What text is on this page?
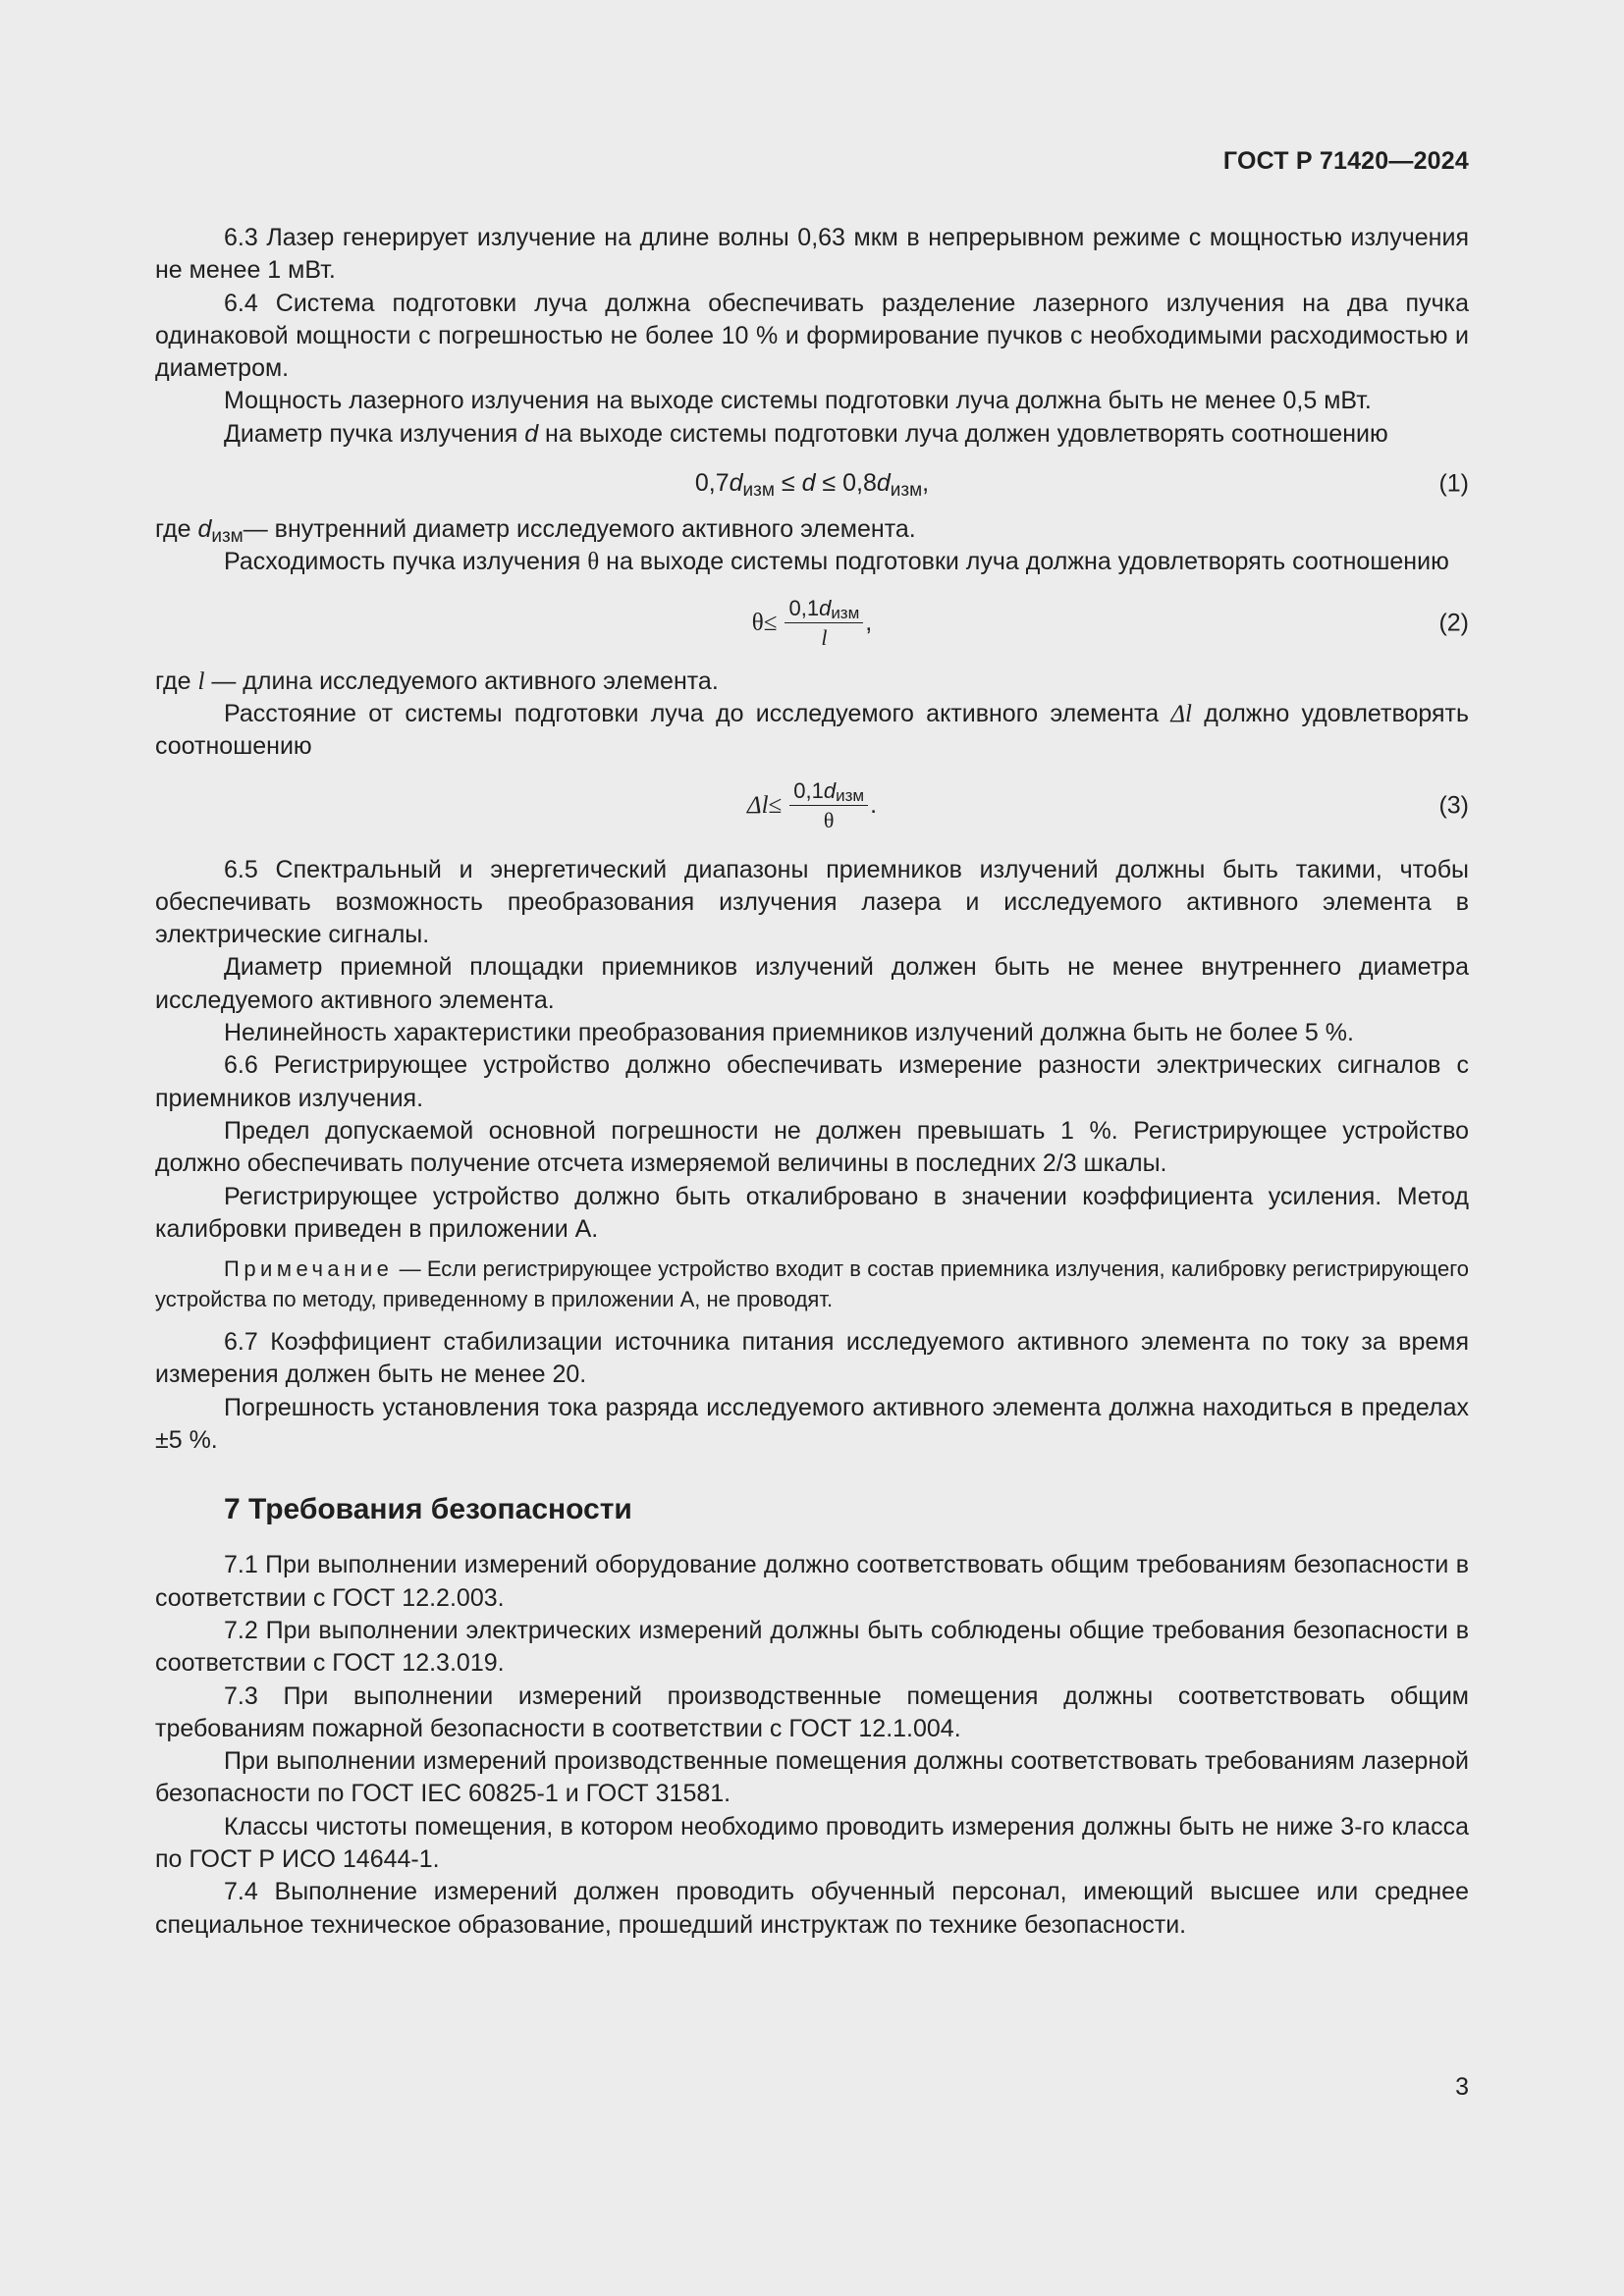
ГОСТ Р 71420—2024

6.3 Лазер генерирует излучение на длине волны 0,63 мкм в непрерывном режиме с мощностью излучения не менее 1 мВт.

6.4 Система подготовки луча должна обеспечивать разделение лазерного излучения на два пучка одинаковой мощности с погрешностью не более 10 % и формирование пучков с необходимыми расходимостью и диаметром.

Мощность лазерного излучения на выходе системы подготовки луча должна быть не менее 0,5 мВт.

Диаметр пучка излучения d на выходе системы подготовки луча должен удовлетворять соотношению

$0,7d_{изм} \le d \le 0,8d_{изм}$,	(1)

где $d_{изм}—$ внутренний диаметр исследуемого активного элемента.

Расходимость пучка излучения θ на выходе системы подготовки луча должна удовлетворять соотношению

$\theta \le \frac{0,1d_{изм}}{l}$ ,	(2)

где l — длина исследуемого активного элемента.

Расстояние от системы подготовки луча до исследуемого активного элемента Δl должно удовлетворять соотношению

$\Delta l \le \frac{0,1d_{изм}}{\theta}$ .	(3)

6.5 Спектральный и энергетический диапазоны приемников излучений должны быть такими, чтобы обеспечивать возможность преобразования излучения лазера и исследуемого активного элемента в электрические сигналы.

Диаметр приемной площадки приемников излучений должен быть не менее внутреннего диаметра исследуемого активного элемента.

Нелинейность характеристики преобразования приемников излучений должна быть не более 5 %.

6.6 Регистрирующее устройство должно обеспечивать измерение разности электрических сигналов с приемников излучения.

Предел допускаемой основной погрешности не должен превышать 1 %. Регистрирующее устройство должно обеспечивать получение отсчета измеряемой величины в последних 2/3 шкалы.

Регистрирующее устройство должно быть откалибровано в значении коэффициента усиления. Метод калибровки приведен в приложении А.

Примечание — Если регистрирующее устройство входит в состав приемника излучения, калибровку регистрирующего устройства по методу, приведенному в приложении А, не проводят.

6.7 Коэффициент стабилизации источника питания исследуемого активного элемента по току за время измерения должен быть не менее 20.

Погрешность установления тока разряда исследуемого активного элемента должна находиться в пределах ±5 %.

7 Требования безопасности

7.1 При выполнении измерений оборудование должно соответствовать общим требованиям безопасности в соответствии с ГОСТ 12.2.003.

7.2 При выполнении электрических измерений должны быть соблюдены общие требования безопасности в соответствии с ГОСТ 12.3.019.

7.3 При выполнении измерений производственные помещения должны соответствовать общим требованиям пожарной безопасности в соответствии с ГОСТ 12.1.004.

При выполнении измерений производственные помещения должны соответствовать требованиям лазерной безопасности по ГОСТ IEC 60825-1 и ГОСТ 31581.

Классы чистоты помещения, в котором необходимо проводить измерения должны быть не ниже 3-го класса по ГОСТ Р ИСО 14644-1.

7.4 Выполнение измерений должен проводить обученный персонал, имеющий высшее или среднее специальное техническое образование, прошедший инструктаж по технике безопасности.

3
